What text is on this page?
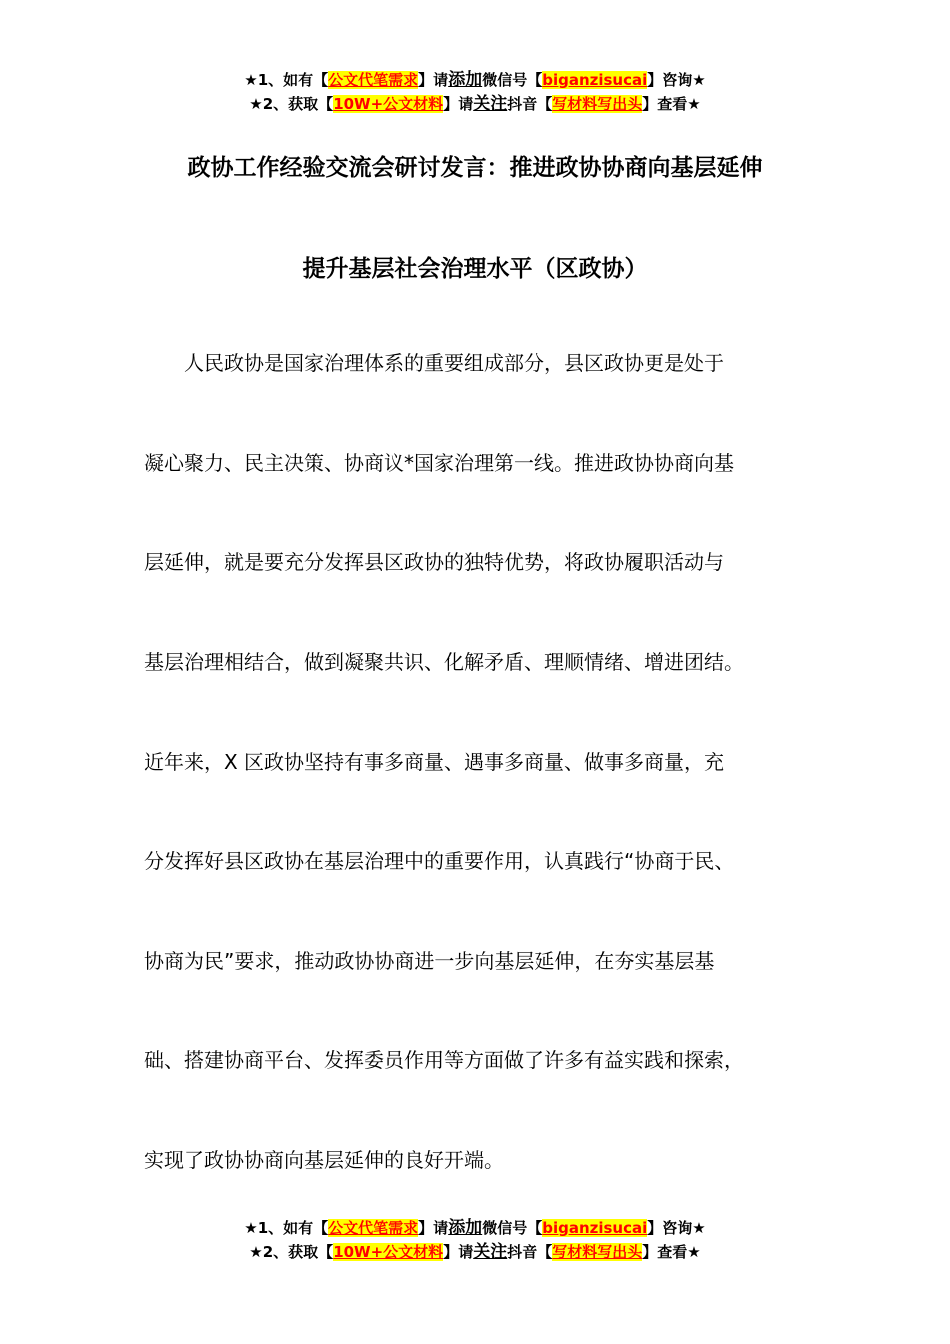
★1、如有【公文代笔需求】请添加微信号【biganzisucai】咨询★
★2、获取【10W+公文材料】请关注抖音【写材料写出头】查看★
政协工作经验交流会研讨发言：推进政协协商向基层延伸
提升基层社会治理水平（区政协）
　　人民政协是国家治理体系的重要组成部分，县区政协更是处于
凝心聚力、民主决策、协商议*国家治理第一线。推进政协协商向基
层延伸，就是要充分发挥县区政协的独特优势，将政协履职活动与
基层治理相结合，做到凝聚共识、化解矛盾、理顺情绪、增进团结。
近年来，X 区政协坚持有事多商量、遇事多商量、做事多商量，充
分发挥好县区政协在基层治理中的重要作用，认真践行“协商于民、
协商为民”要求，推动政协协商进一步向基层延伸，在夯实基层基
础、搭建协商平台、发挥委员作用等方面做了许多有益实践和探索，
实现了政协协商向基层延伸的良好开端。
★1、如有【公文代笔需求】请添加微信号【biganzisucai】咨询★
★2、获取【10W+公文材料】请关注抖音【写材料写出头】查看★
